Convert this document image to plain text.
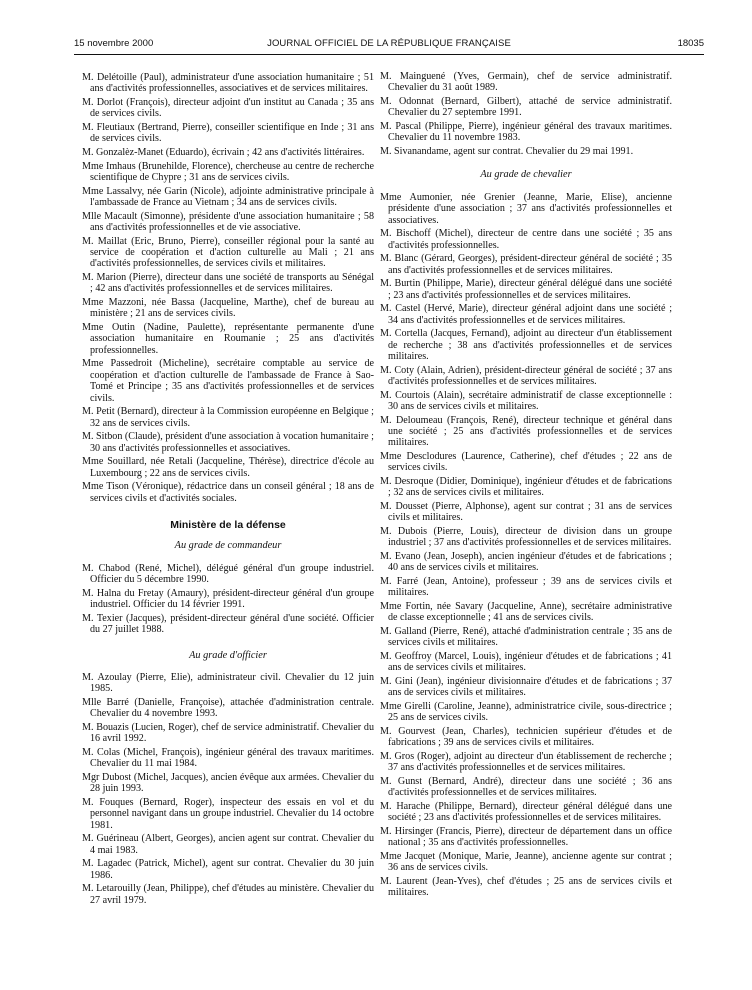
15 novembre 2000	JOURNAL OFFICIEL DE LA RÉPUBLIQUE FRANÇAISE	18035

M. Delétoille (Paul), administrateur d'une association humanitaire ; 51 ans d'activités professionnelles, associatives et de services militaires.

M. Dorlot (François), directeur adjoint d'un institut au Canada ; 35 ans de services civils.

M. Fleutiaux (Bertrand, Pierre), conseiller scientifique en Inde ; 31 ans de services civils.

M. Gonzalèz-Manet (Eduardo), écrivain ; 42 ans d'activités littéraires.

Mme Imhaus (Brunehilde, Florence), chercheuse au centre de recherche scientifique de Chypre ; 31 ans de services civils.

Mme Lassalvy, née Garin (Nicole), adjointe administrative principale à l'ambassade de France au Vietnam ; 34 ans de services civils.

Mlle Macault (Simonne), présidente d'une association humanitaire ; 58 ans d'activités professionnelles et de vie associative.

M. Maillat (Eric, Bruno, Pierre), conseiller régional pour la santé au service de coopération et d'action culturelle au Mali ; 21 ans d'activités professionnelles, de services civils et militaires.

M. Marion (Pierre), directeur dans une société de transports au Sénégal ; 42 ans d'activités professionnelles et de services militaires.

Mme Mazzoni, née Bassa (Jacqueline, Marthe), chef de bureau au ministère ; 21 ans de services civils.

Mme Outin (Nadine, Paulette), représentante permanente d'une association humanitaire en Roumanie ; 25 ans d'activités professionnelles.

Mme Passedroit (Micheline), secrétaire comptable au service de coopération et d'action culturelle de l'ambassade de France à Sao-Tomé et Principe ; 35 ans d'activités professionnelles et de services civils.

M. Petit (Bernard), directeur à la Commission européenne en Belgique ; 32 ans de services civils.

M. Sitbon (Claude), président d'une association à vocation humanitaire ; 30 ans d'activités professionnelles et associatives.

Mme Souillard, née Retali (Jacqueline, Thérèse), directrice d'école au Luxembourg ; 22 ans de services civils.

Mme Tison (Véronique), rédactrice dans un conseil général ; 18 ans de services civils et d'activités sociales.

Ministère de la défense
Au grade de commandeur

M. Chabod (René, Michel), délégué général d'un groupe industriel. Officier du 5 décembre 1990.

M. Halna du Fretay (Amaury), président-directeur général d'un groupe industriel. Officier du 14 février 1991.

M. Texier (Jacques), président-directeur général d'une société. Officier du 27 juillet 1988.

Au grade d'officier

M. Azoulay (Pierre, Elie), administrateur civil. Chevalier du 12 juin 1985.

Mlle Barré (Danielle, Françoise), attachée d'administration centrale. Chevalier du 4 novembre 1993.

M. Bouazis (Lucien, Roger), chef de service administratif. Chevalier du 16 avril 1992.

M. Colas (Michel, François), ingénieur général des travaux maritimes. Chevalier du 11 mai 1984.

Mgr Dubost (Michel, Jacques), ancien évêque aux armées. Chevalier du 28 juin 1993.

M. Fouques (Bernard, Roger), inspecteur des essais en vol et du personnel navigant dans un groupe industriel. Chevalier du 14 octobre 1981.

M. Guérineau (Albert, Georges), ancien agent sur contrat. Chevalier du 4 mai 1983.

M. Lagadec (Patrick, Michel), agent sur contrat. Chevalier du 30 juin 1986.

M. Letarouilly (Jean, Philippe), chef d'études au ministère. Chevalier du 27 avril 1979.

M. Mainguené (Yves, Germain), chef de service administratif. Chevalier du 31 août 1989.

M. Odonnat (Bernard, Gilbert), attaché de service administratif. Chevalier du 27 septembre 1991.

M. Pascal (Philippe, Pierre), ingénieur général des travaux maritimes. Chevalier du 11 novembre 1983.

M. Sivanandame, agent sur contrat. Chevalier du 29 mai 1991.

Au grade de chevalier

Mme Aumonier, née Grenier (Jeanne, Marie, Elise), ancienne présidente d'une association ; 37 ans d'activités professionnelles et associatives.

M. Bischoff (Michel), directeur de centre dans une société ; 35 ans d'activités professionnelles.

M. Blanc (Gérard, Georges), président-directeur général de société ; 35 ans d'activités professionnelles et de services militaires.

M. Burtin (Philippe, Marie), directeur général délégué dans une société ; 23 ans d'activités professionnelles et de services militaires.

M. Castel (Hervé, Marie), directeur général adjoint dans une société ; 34 ans d'activités professionnelles et de services militaires.

M. Cortella (Jacques, Fernand), adjoint au directeur d'un établissement de recherche ; 38 ans d'activités professionnelles et de services militaires.

M. Coty (Alain, Adrien), président-directeur général de société ; 37 ans d'activités professionnelles et de services militaires.

M. Courtois (Alain), secrétaire administratif de classe exceptionnelle : 30 ans de services civils et militaires.

M. Deloumeau (François, René), directeur technique et général dans une société ; 25 ans d'activités professionnelles et de services militaires.

Mme Desclodures (Laurence, Catherine), chef d'études ; 22 ans de services civils.

M. Desroque (Didier, Dominique), ingénieur d'études et de fabrications ; 32 ans de services civils et militaires.

M. Dousset (Pierre, Alphonse), agent sur contrat ; 31 ans de services civils et militaires.

M. Dubois (Pierre, Louis), directeur de division dans un groupe industriel ; 37 ans d'activités professionnelles et de services militaires.

M. Evano (Jean, Joseph), ancien ingénieur d'études et de fabrications ; 40 ans de services civils et militaires.

M. Farré (Jean, Antoine), professeur ; 39 ans de services civils et militaires.

Mme Fortin, née Savary (Jacqueline, Anne), secrétaire administrative de classe exceptionnelle ; 41 ans de services civils.

M. Galland (Pierre, René), attaché d'administration centrale ; 35 ans de services civils et militaires.

M. Geoffroy (Marcel, Louis), ingénieur d'études et de fabrications ; 41 ans de services civils et militaires.

M. Gini (Jean), ingénieur divisionnaire d'études et de fabrications ; 37 ans de services civils et militaires.

Mme Girelli (Caroline, Jeanne), administratrice civile, sous-directrice ; 25 ans de services civils.

M. Gourvest (Jean, Charles), technicien supérieur d'études et de fabrications ; 39 ans de services civils et militaires.

M. Gros (Roger), adjoint au directeur d'un établissement de recherche ; 37 ans d'activités professionnelles et de services militaires.

M. Gunst (Bernard, André), directeur dans une société ; 36 ans d'activités professionnelles et de services militaires.

M. Harache (Philippe, Bernard), directeur général délégué dans une société ; 23 ans d'activités professionnelles et de services militaires.

M. Hirsinger (Francis, Pierre), directeur de département dans un office national ; 35 ans d'activités professionnelles.

Mme Jacquet (Monique, Marie, Jeanne), ancienne agente sur contrat ; 36 ans de services civils.

M. Laurent (Jean-Yves), chef d'études ; 25 ans de services civils et militaires.
